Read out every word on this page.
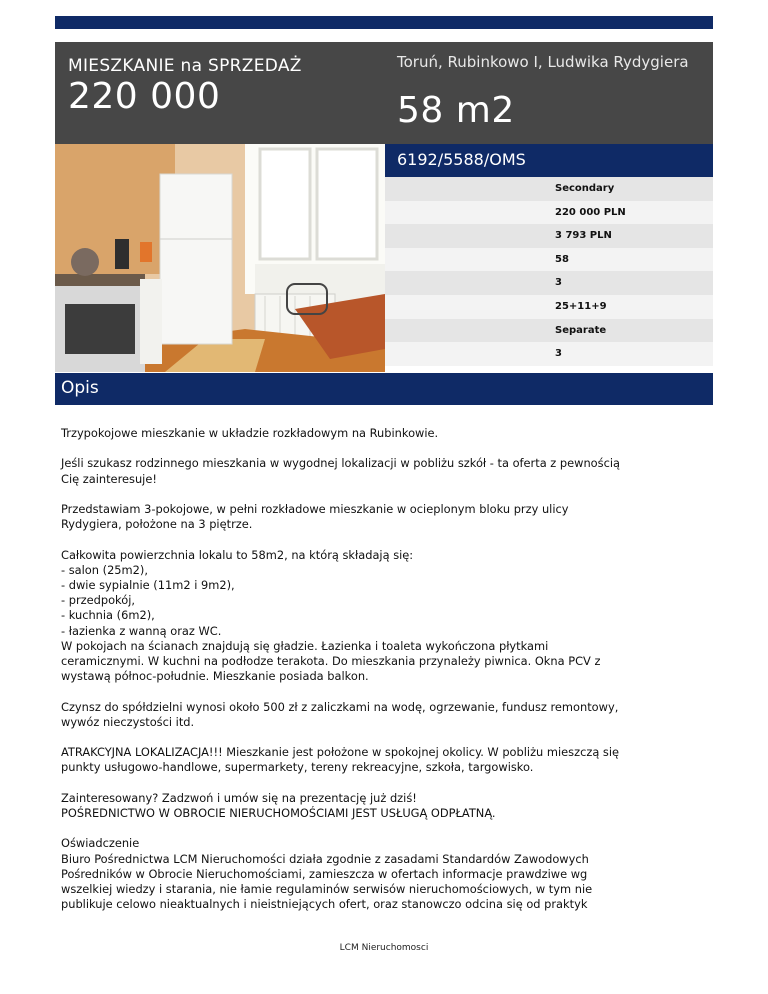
MIESZKANIE na SPRZEDAŻ
220 000
Toruń, Rubinkowo I, Ludwika Rydygiera
58 m2
6192/5588/OMS
Secondary
220 000 PLN
3 793 PLN
58
3
25+11+9
Separate
3
Opis

Trzypokojowe mieszkanie w układzie rozkładowym na Rubinkowie.

Jeśli szukasz rodzinnego mieszkania w wygodnej lokalizacji w pobliżu szkół - ta oferta z pewnością
Cię zainteresuje!

Przedstawiam 3-pokojowe, w pełni rozkładowe mieszkanie w ocieplonym bloku przy ulicy
Rydygiera, położone na 3 piętrze.

Całkowita powierzchnia lokalu to 58m2, na którą składają się:
- salon (25m2),
- dwie sypialnie (11m2 i 9m2),
- przedpokój,
- kuchnia (6m2),
- łazienka z wanną oraz WC.
W pokojach na ścianach znajdują się gładzie. Łazienka i toaleta wykończona płytkami
ceramicznymi. W kuchni na podłodze terakota. Do mieszkania przynależy piwnica. Okna PCV z
wystawą północ-południe. Mieszkanie posiada balkon.

Czynsz do spółdzielni wynosi około 500 zł z zaliczkami na wodę, ogrzewanie, fundusz remontowy,
wywóz nieczystości itd.

ATRAKCYJNA LOKALIZACJA!!! Mieszkanie jest położone w spokojnej okolicy. W pobliżu mieszczą się
punkty usługowo-handlowe, supermarkety, tereny rekreacyjne, szkoła, targowisko.

Zainteresowany? Zadzwoń i umów się na prezentację już dziś!
POŚREDNICTWO W OBROCIE NIERUCHOMOŚCIAMI JEST USŁUGĄ ODPŁATNĄ.

Oświadczenie
Biuro Pośrednictwa LCM Nieruchomości działa zgodnie z zasadami Standardów Zawodowych
Pośredników w Obrocie Nieruchomościami, zamieszcza w ofertach informacje prawdziwe wg
wszelkiej wiedzy i starania, nie łamie regulaminów serwisów nieruchomościowych, w tym nie
publikuje celowo nieaktualnych i nieistniejących ofert, oraz stanowczo odcina się od praktyk

LCM Nieruchomosci
